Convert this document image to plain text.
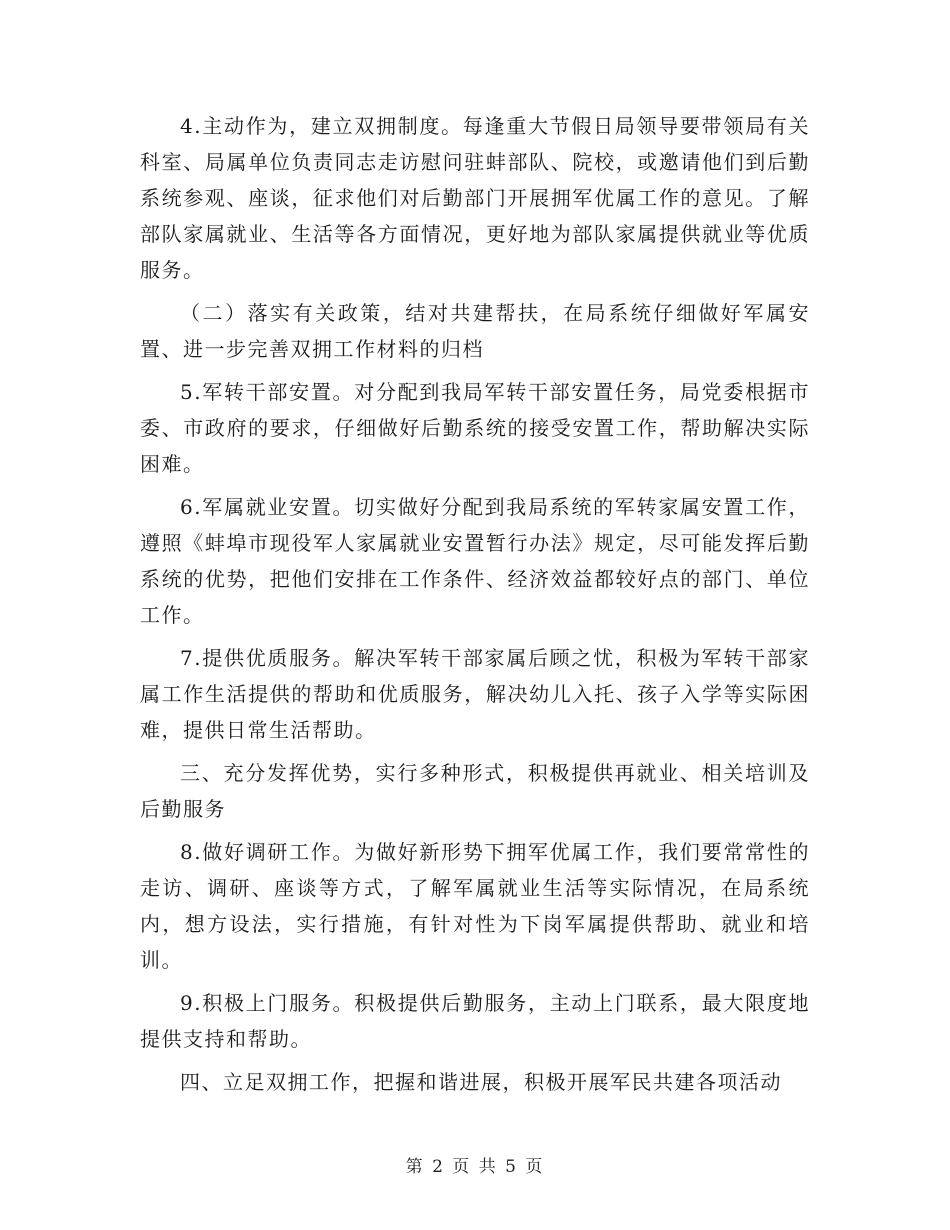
4.主动作为，建立双拥制度。每逢重大节假日局领导要带领局有关科室、局属单位负责同志走访慰问驻蚌部队、院校，或邀请他们到后勤系统参观、座谈，征求他们对后勤部门开展拥军优属工作的意见。了解部队家属就业、生活等各方面情况，更好地为部队家属提供就业等优质服务。

（二）落实有关政策，结对共建帮扶，在局系统仔细做好军属安置、进一步完善双拥工作材料的归档

5.军转干部安置。对分配到我局军转干部安置任务，局党委根据市委、市政府的要求，仔细做好后勤系统的接受安置工作，帮助解决实际困难。

6.军属就业安置。切实做好分配到我局系统的军转家属安置工作，遵照《蚌埠市现役军人家属就业安置暂行办法》规定，尽可能发挥后勤系统的优势，把他们安排在工作条件、经济效益都较好点的部门、单位工作。

7.提供优质服务。解决军转干部家属后顾之忧，积极为军转干部家属工作生活提供的帮助和优质服务，解决幼儿入托、孩子入学等实际困难，提供日常生活帮助。

三、充分发挥优势，实行多种形式，积极提供再就业、相关培训及后勤服务

8.做好调研工作。为做好新形势下拥军优属工作，我们要常常性的走访、调研、座谈等方式，了解军属就业生活等实际情况，在局系统内，想方设法，实行措施，有针对性为下岗军属提供帮助、就业和培训。

9.积极上门服务。积极提供后勤服务，主动上门联系，最大限度地提供支持和帮助。

四、立足双拥工作，把握和谐进展，积极开展军民共建各项活动

第 2 页 共 5 页
